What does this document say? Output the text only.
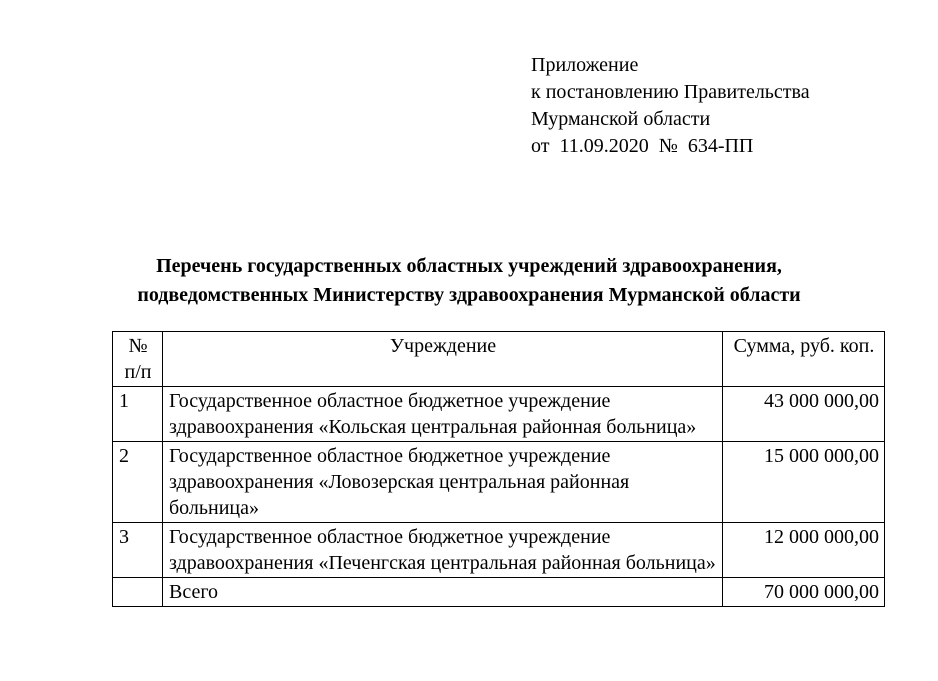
Приложение
к постановлению Правительства
Мурманской области
от  11.09.2020  №  634-ПП
Перечень государственных областных учреждений здравоохранения,
подведомственных Министерству здравоохранения Мурманской области
№ п/п	Учреждение	Сумма, руб. коп.
1	Государственное областное бюджетное учреждение здравоохранения «Кольская центральная районная больница»	43 000 000,00
2	Государственное областное бюджетное учреждение здравоохранения «Ловозерская центральная районная больница»	15 000 000,00
3	Государственное областное бюджетное учреждение здравоохранения «Печенгская центральная районная больница»	12 000 000,00
	Всего	70 000 000,00
